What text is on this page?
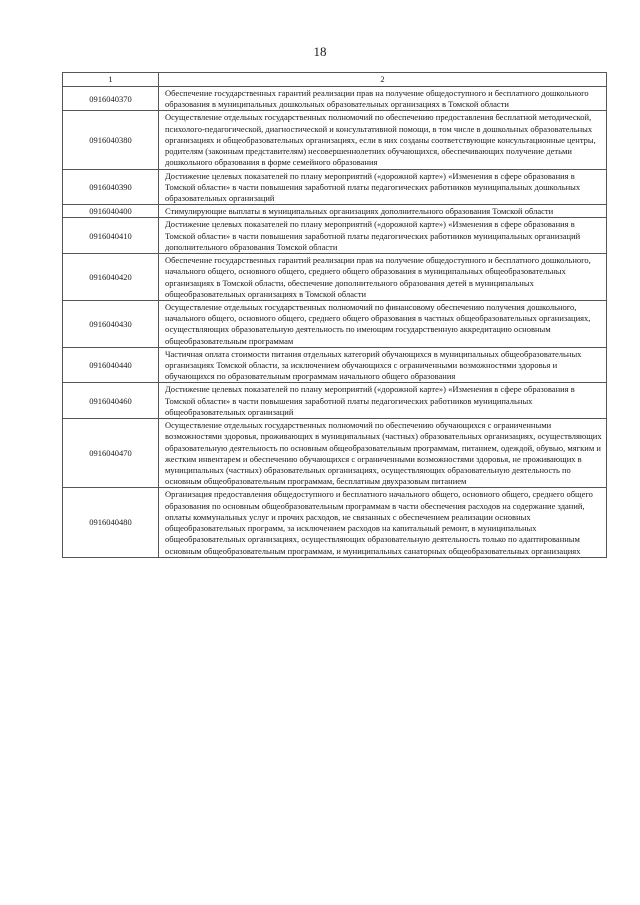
18
1	2
0916040370	Обеспечение государственных гарантий реализации прав на получение общедоступного и бесплатного дошкольного образования в муниципальных дошкольных образовательных организациях в Томской области
0916040380	Осуществление отдельных государственных полномочий по обеспечению предоставления бесплатной методической, психолого-педагогической, диагностической и консультативной помощи, в том числе в дошкольных образовательных организациях и общеобразовательных организациях, если в них созданы соответствующие консультационные центры, родителям (законным представителям) несовершеннолетних обучающихся, обеспечивающих получение детьми дошкольного образования в форме семейного образования
0916040390	Достижение целевых показателей по плану мероприятий («дорожной карте») «Изменения в сфере образования в Томской области» в части повышения заработной платы педагогических работников муниципальных дошкольных образовательных организаций
0916040400	Стимулирующие выплаты в муниципальных организациях дополнительного образования Томской области
0916040410	Достижение целевых показателей по плану мероприятий («дорожной карте») «Изменения в сфере образования в Томской области» в части повышения заработной платы педагогических работников муниципальных организаций дополнительного образования Томской области
0916040420	Обеспечение государственных гарантий реализации прав на получение общедоступного и бесплатного дошкольного, начального общего, основного общего, среднего общего образования в муниципальных общеобразовательных организациях в Томской области, обеспечение дополнительного образования детей в муниципальных общеобразовательных организациях в Томской области
0916040430	Осуществление отдельных государственных полномочий по финансовому обеспечению получения дошкольного, начального общего, основного общего, среднего общего образования в частных общеобразовательных организациях, осуществляющих образовательную деятельность по имеющим государственную аккредитацию основным общеобразовательным программам
0916040440	Частичная оплата стоимости питания отдельных категорий обучающихся в муниципальных общеобразовательных организациях Томской области, за исключением обучающихся с ограниченными возможностями здоровья и обучающихся по образовательным программам начального общего образования
0916040460	Достижение целевых показателей по плану мероприятий («дорожной карте») «Изменения в сфере образования в Томской области» в части повышения заработной платы педагогических работников муниципальных общеобразовательных организаций
0916040470	Осуществление отдельных государственных полномочий по обеспечению обучающихся с ограниченными возможностями здоровья, проживающих в муниципальных (частных) образовательных организациях, осуществляющих образовательную деятельность по основным общеобразовательным программам, питанием, одеждой, обувью, мягким и жестким инвентарем и обеспечению обучающихся с ограниченными возможностями здоровья, не проживающих в муниципальных (частных) образовательных организациях, осуществляющих образовательную деятельность по основным общеобразовательным программам, бесплатным двухразовым питанием
0916040480	Организация предоставления общедоступного и бесплатного начального общего, основного общего, среднего общего образования по основным общеобразовательным программам в части обеспечения расходов на содержание зданий, оплаты коммунальных услуг и прочих расходов, не связанных с обеспечением реализации основных общеобразовательных программ, за исключением расходов на капитальный ремонт, в муниципальных общеобразовательных организациях, осуществляющих образовательную деятельность только по адаптированным основным общеобразовательным программам, и муниципальных санаторных общеобразовательных организациях
